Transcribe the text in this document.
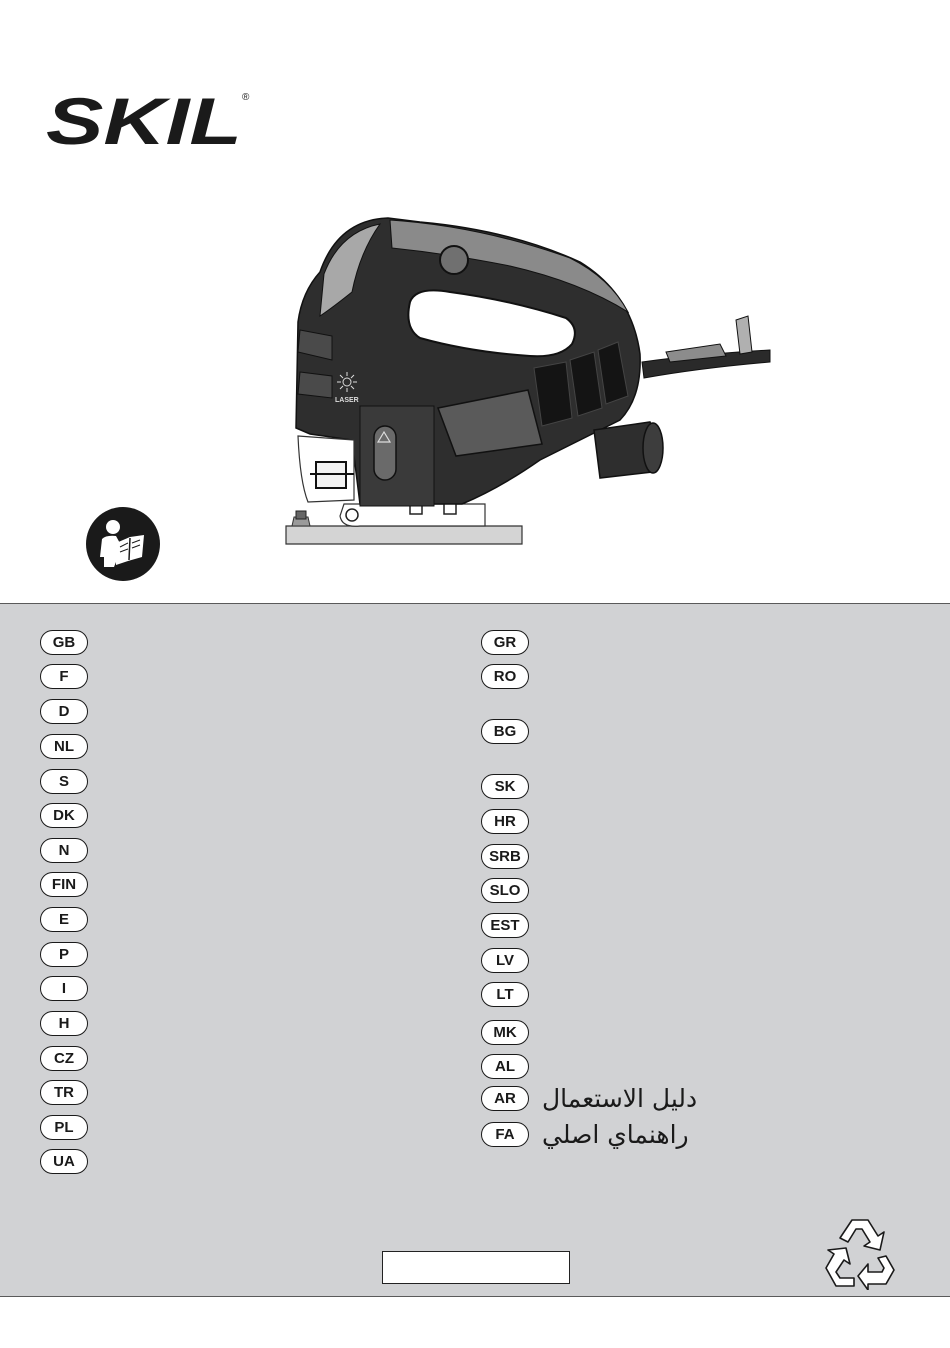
SKIL ®
LASER
GB
F
D
NL
S
DK
N
FIN
E
P
I
H
CZ
TR
PL
UA
GR
RO
BG
SK
HR
SRB
SLO
EST
LV
LT
MK
AL
AR
FA
دليل الاستعمال
راهنماي اصلي
